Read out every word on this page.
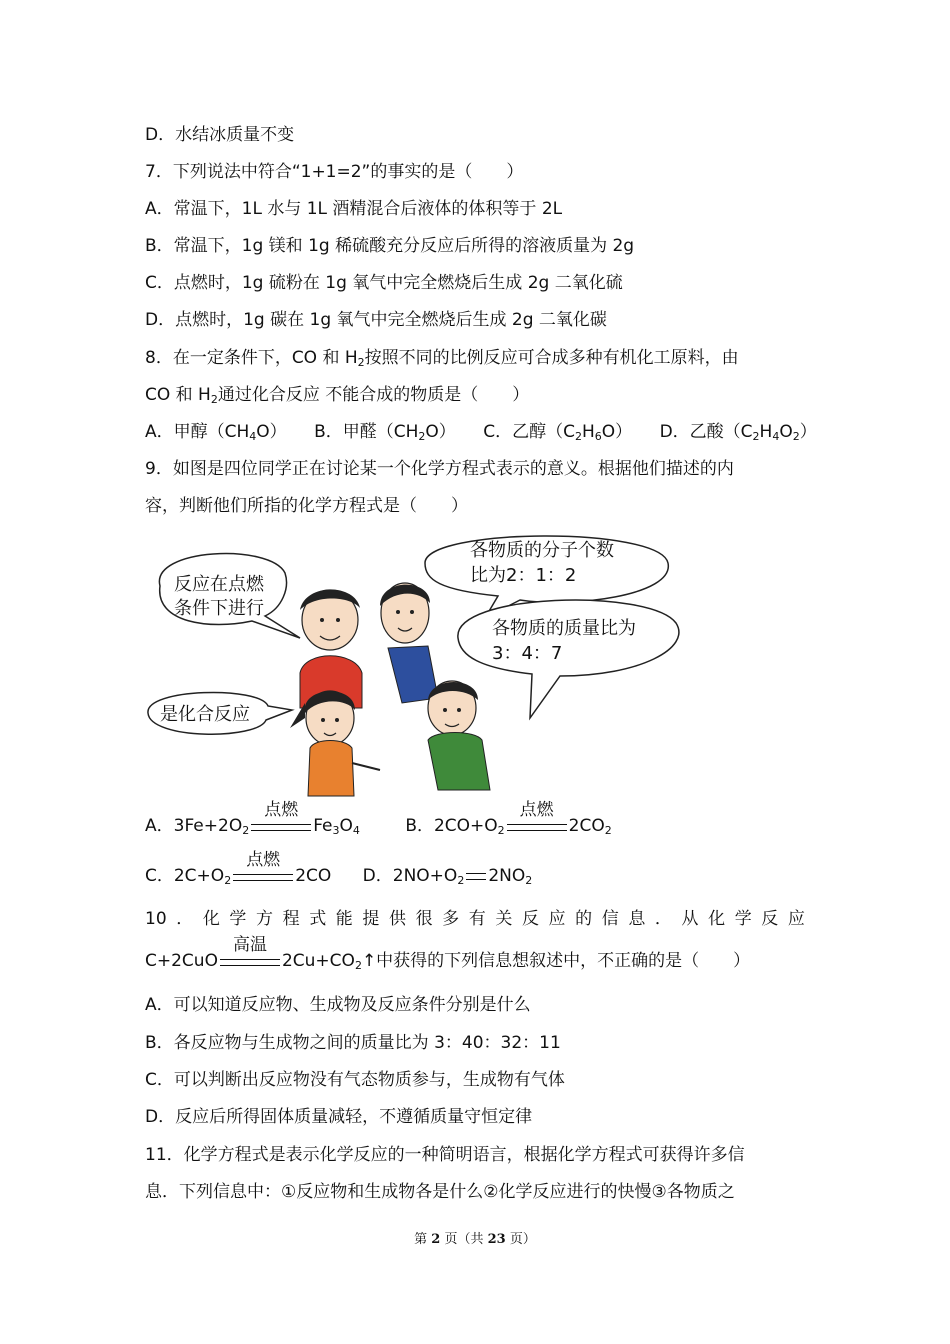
D．水结冰质量不变
7．下列说法中符合“1+1=2”的事实的是（　　）
A．常温下，1L 水与 1L 酒精混合后液体的体积等于 2L
B．常温下，1g 镁和 1g 稀硫酸充分反应后所得的溶液质量为 2g
C．点燃时，1g 硫粉在 1g 氧气中完全燃烧后生成 2g 二氧化硫
D．点燃时，1g 碳在 1g 氧气中完全燃烧后生成 2g 二氧化碳
8．在一定条件下，CO 和 $H_2$按照不同的比例反应可合成多种有机化工原料，由
CO 和 $H_2$通过化合反应 不能合成的物质是（　　）
A．甲醇$(CH_4O)$ B．甲醛$(CH_2O)$ C．乙醇$(C_2H_6O)$ D．乙酸$(C_2H_4O_2)$
9．如图是四位同学正在讨论某一个化学方程式表示的意义。根据他们描述的内
容，判断他们所指的化学方程式是（　　）
反应在点燃
条件下进行
各物质的分子个数
比为2：1：2
各物质的质量比为
3：4：7
是化合反应
A．$3Fe+2O_2$
点燃
$Fe_3O_4$	B．$2CO+O_2$
点燃
$2CO_2$
C．$2C+O_2$
点燃
2CO D．$2NO+O_2$ $2NO_2$
10 ． 化 学 方 程 式 能 提 供 很 多 有 关 反 应 的 信 息 ． 从 化 学 反 应
C+2CuO
高温
$2Cu+CO_2↑$中获得的下列信息想叙述中，不正确的是（　　）
A．可以知道反应物、生成物及反应条件分别是什么
B．各反应物与生成物之间的质量比为 3：40：32：11
C．可以判断出反应物没有气态物质参与，生成物有气体
D．反应后所得固体质量减轻，不遵循质量守恒定律
11．化学方程式是表示化学反应的一种简明语言，根据化学方程式可获得许多信
息．下列信息中：①反应物和生成物各是什么②化学反应进行的快慢③各物质之
第 2 页（共 23 页）
